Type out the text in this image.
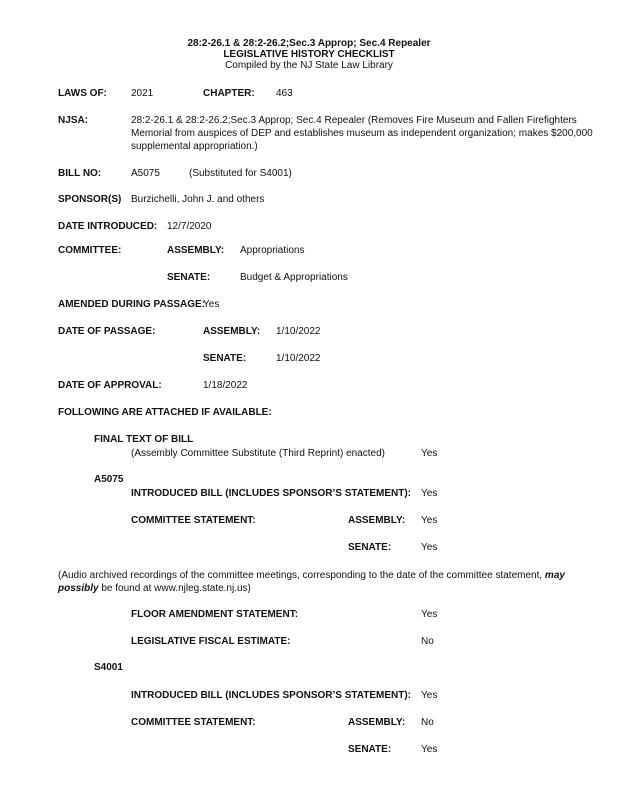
28:2-26.1 & 28:2-26.2;Sec.3 Approp; Sec.4 Repealer
LEGISLATIVE HISTORY CHECKLIST
Compiled by the NJ State Law Library
LAWS OF: 2021	CHAPTER: 463
NJSA:	28:2-26.1 & 28:2-26.2;Sec.3 Approp; Sec.4 Repealer (Removes Fire Museum and Fallen Firefighters Memorial from auspices of DEP and establishes museum as independent organization; makes $200,000 supplemental appropriation.)
BILL NO:	A5075	(Substituted for S4001)
SPONSOR(S) Burzichelli, John J. and others
DATE INTRODUCED: 12/7/2020
COMMITTEE:	ASSEMBLY: Appropriations
SENATE:	Budget & Appropriations
AMENDED DURING PASSAGE:
Yes
DATE OF PASSAGE:	ASSEMBLY: 1/10/2022
SENATE:	1/10/2022
DATE OF APPROVAL:	1/18/2022
FOLLOWING ARE ATTACHED IF AVAILABLE:
FINAL TEXT OF BILL
(Assembly Committee Substitute (Third Reprint) enacted)	Yes
A5075
INTRODUCED BILL (INCLUDES SPONSOR’S STATEMENT): Yes
COMMITTEE STATEMENT:	ASSEMBLY: Yes
SENATE:	Yes
(Audio archived recordings of the committee meetings, corresponding to the date of the committee statement, may possibly be found at www.njleg.state.nj.us)
FLOOR AMENDMENT STATEMENT:	Yes
LEGISLATIVE FISCAL ESTIMATE:	No
S4001
INTRODUCED BILL (INCLUDES SPONSOR’S STATEMENT): Yes
COMMITTEE STATEMENT:	ASSEMBLY: No
SENATE:	Yes
